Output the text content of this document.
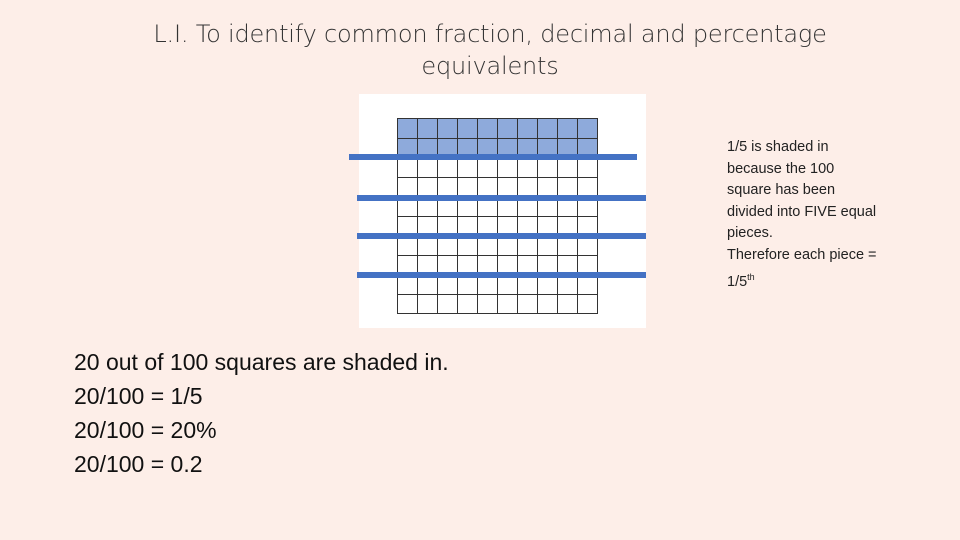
L.I. To identify common fraction, decimal and percentage
equivalents
1/5 is shaded in
because the 100
square has been
divided into FIVE equal
pieces.
Therefore each piece =
1/5th
20 out of 100 squares are shaded in.
20/100 = 1/5
20/100 = 20%
20/100 = 0.2
